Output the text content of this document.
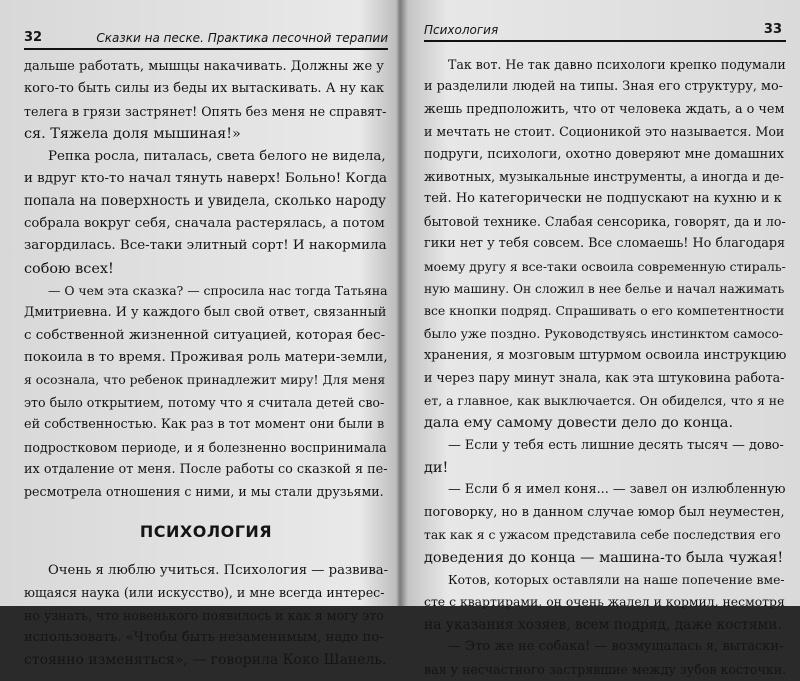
32	Сказки на песке. Практика песочной терапии
дальше работать, мышцы накачивать. Должны же у
кого-то быть силы из беды их вытаскивать. А ну как
телега в грязи застрянет! Опять без меня не справят-
ся. Тяжела доля мышиная!»
Репка росла, питалась, света белого не видела,
и вдруг кто-то начал тянуть наверх! Больно! Когда
попала на поверхность и увидела, сколько народу
собрала вокруг себя, сначала растерялась, а потом
загордилась. Все-таки элитный сорт! И накормила
собою всех!
— О чем эта сказка? — спросила нас тогда Татьяна
Дмитриевна. И у каждого был свой ответ, связанный
с собственной жизненной ситуацией, которая бес-
покоила в то время. Проживая роль матери-земли,
я осознала, что ребенок принадлежит миру! Для меня
это было открытием, потому что я считала детей сво-
ей собственностью. Как раз в тот момент они были в
подростковом периоде, и я болезненно воспринимала
их отдаление от меня. После работы со сказкой я пе-
ресмотрела отношения с ними, и мы стали друзьями.
ПСИХОЛОГИЯ
Очень я люблю учиться. Психология — развива-
ющаяся наука (или искусство), и мне всегда интерес-
но узнать, что новенького появилось и как я могу это
использовать. «Чтобы быть незаменимым, надо по-
стоянно изменяться», — говорила Коко Шанель.
Психология	33
Так вот. Не так давно психологи крепко подумали
и разделили людей на типы. Зная его структуру, мо-
жешь предположить, что от человека ждать, а о чем
и мечтать не стоит. Соционикой это называется. Мои
подруги, психологи, охотно доверяют мне домашних
животных, музыкальные инструменты, а иногда и де-
тей. Но категорически не подпускают на кухню и к
бытовой технике. Слабая сенсорика, говорят, да и ло-
гики нет у тебя совсем. Все сломаешь! Но благодаря
моему другу я все-таки освоила современную стираль-
ную машину. Он сложил в нее белье и начал нажимать
все кнопки подряд. Спрашивать о его компетентности
было уже поздно. Руководствуясь инстинктом самосо-
хранения, я мозговым штурмом освоила инструкцию
и через пару минут знала, как эта штуковина работа-
ет, а главное, как выключается. Он обиделся, что я не
дала ему самому довести дело до конца.
— Если у тебя есть лишние десять тысяч — дово-
ди!
— Если б я имел коня... — завел он излюбленную
поговорку, но в данном случае юмор был неуместен,
так как я с ужасом представила себе последствия его
доведения до конца — машина-то была чужая!
Котов, которых оставляли на наше попечение вме-
сте с квартирами, он очень жалел и кормил, несмотря
на указания хозяев, всем подряд, даже костями.
— Это же не собака! — возмущалась я, вытаски-
вая у несчастного застрявшие между зубов косточки.
